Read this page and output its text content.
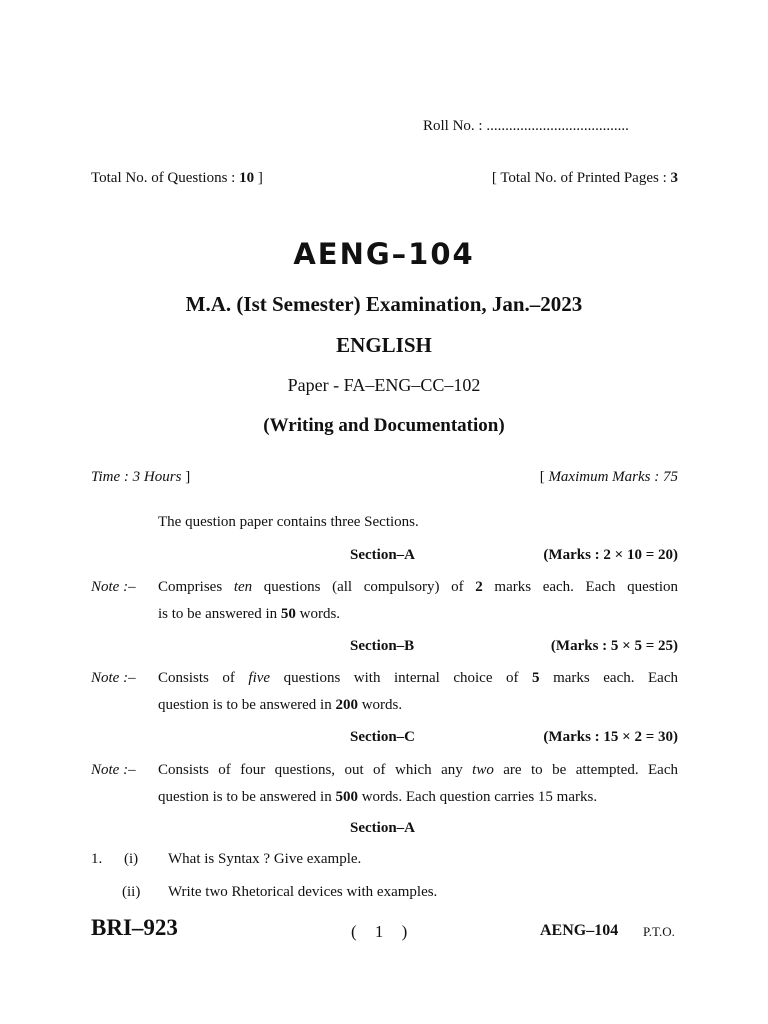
Roll No. : ......................................
Total No. of Questions : 10 ]	[ Total No. of Printed Pages : 3
AENG–104
M.A. (Ist Semester) Examination, Jan.–2023
ENGLISH
Paper - FA–ENG–CC–102
(Writing and Documentation)
Time : 3 Hours ]	[ Maximum Marks : 75
The question paper contains three Sections.
Section–A	(Marks : 2 × 10 = 20)
Note :– Comprises ten questions (all compulsory) of 2 marks each. Each question
is to be answered in 50 words.
Section–B	(Marks : 5 × 5 = 25)
Note :– Consists of five questions with internal choice of 5 marks each. Each
question is to be answered in 200 words.
Section–C	(Marks : 15 × 2 = 30)
Note :– Consists of four questions, out of which any two are to be attempted. Each
question is to be answered in 500 words. Each question carries 15 marks.
Section–A
1. (i) What is Syntax ? Give example.
(ii) Write two Rhetorical devices with examples.
BRI–923	( 1 )	AENG–104 P.T.O.
